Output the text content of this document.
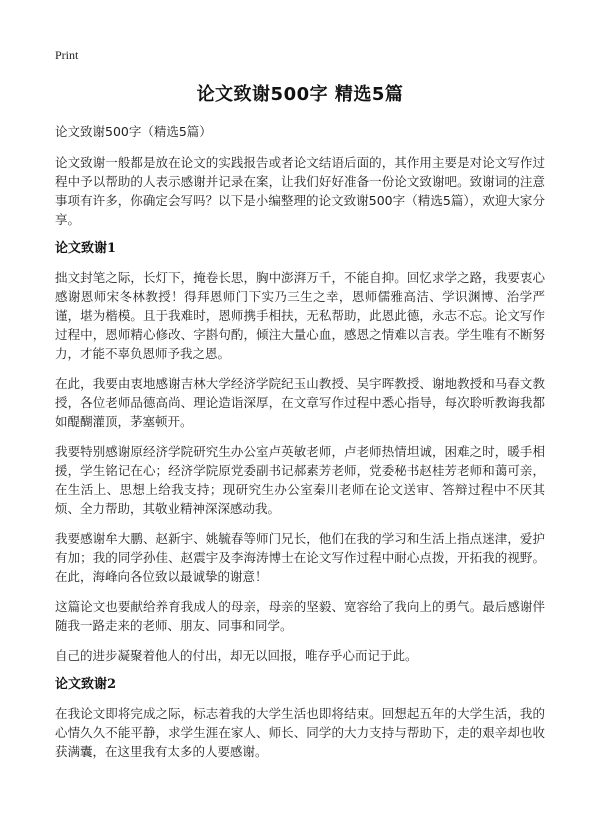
Print
论文致谢500字 精选5篇

论文致谢500字（精选5篇）

论文致谢一般都是放在论文的实践报告或者论文结语后面的，其作用主要是对论文写作过程中予以帮助的人表示感谢并记录在案，让我们好好准备一份论文致谢吧。致谢词的注意事项有许多，你确定会写吗？以下是小编整理的论文致谢500字（精选5篇），欢迎大家分享。

论文致谢1

拙文封笔之际，长灯下，掩卷长思，胸中澎湃万千，不能自抑。回忆求学之路，我要衷心感谢恩师宋冬林教授！得拜恩师门下实乃三生之幸，恩师儒雅高洁、学识渊博、治学严谨，堪为楷模。且于我难时，恩师携手相扶，无私帮助，此恩此德，永志不忘。论文写作过程中，恩师精心修改、字斟句酌，倾注大量心血，感恩之情难以言表。学生唯有不断努力，才能不辜负恩师予我之恩。

在此，我要由衷地感谢吉林大学经济学院纪玉山教授、吴宇晖教授、谢地教授和马春文教授，各位老师品德高尚、理论造诣深厚，在文章写作过程中悉心指导，每次聆听教诲我都如醍醐灌顶，茅塞顿开。

我要特别感谢原经济学院研究生办公室卢英敏老师，卢老师热情坦诚，困难之时，暖手相援，学生铭记在心；经济学院原党委副书记郝素芳老师，党委秘书赵桂芳老师和蔼可亲，在生活上、思想上给我支持；现研究生办公室秦川老师在论文送审、答辩过程中不厌其烦、全力帮助，其敬业精神深深感动我。

我要感谢牟大鹏、赵新宇、姚毓春等师门兄长，他们在我的学习和生活上指点迷津，爱护有加；我的同学孙佳、赵震宇及李海涛博士在论文写作过程中耐心点拨，开拓我的视野。在此，海峰向各位致以最诚挚的谢意！

这篇论文也要献给养育我成人的母亲，母亲的坚毅、宽容给了我向上的勇气。最后感谢伴随我一路走来的老师、朋友、同事和同学。

自己的进步凝聚着他人的付出，却无以回报，唯存乎心而记于此。

论文致谢2

在我论文即将完成之际，标志着我的大学生活也即将结束。回想起五年的大学生活，我的心情久久不能平静，求学生涯在家人、师长、同学的大力支持与帮助下，走的艰辛却也收获满囊，在这里我有太多的人要感谢。
